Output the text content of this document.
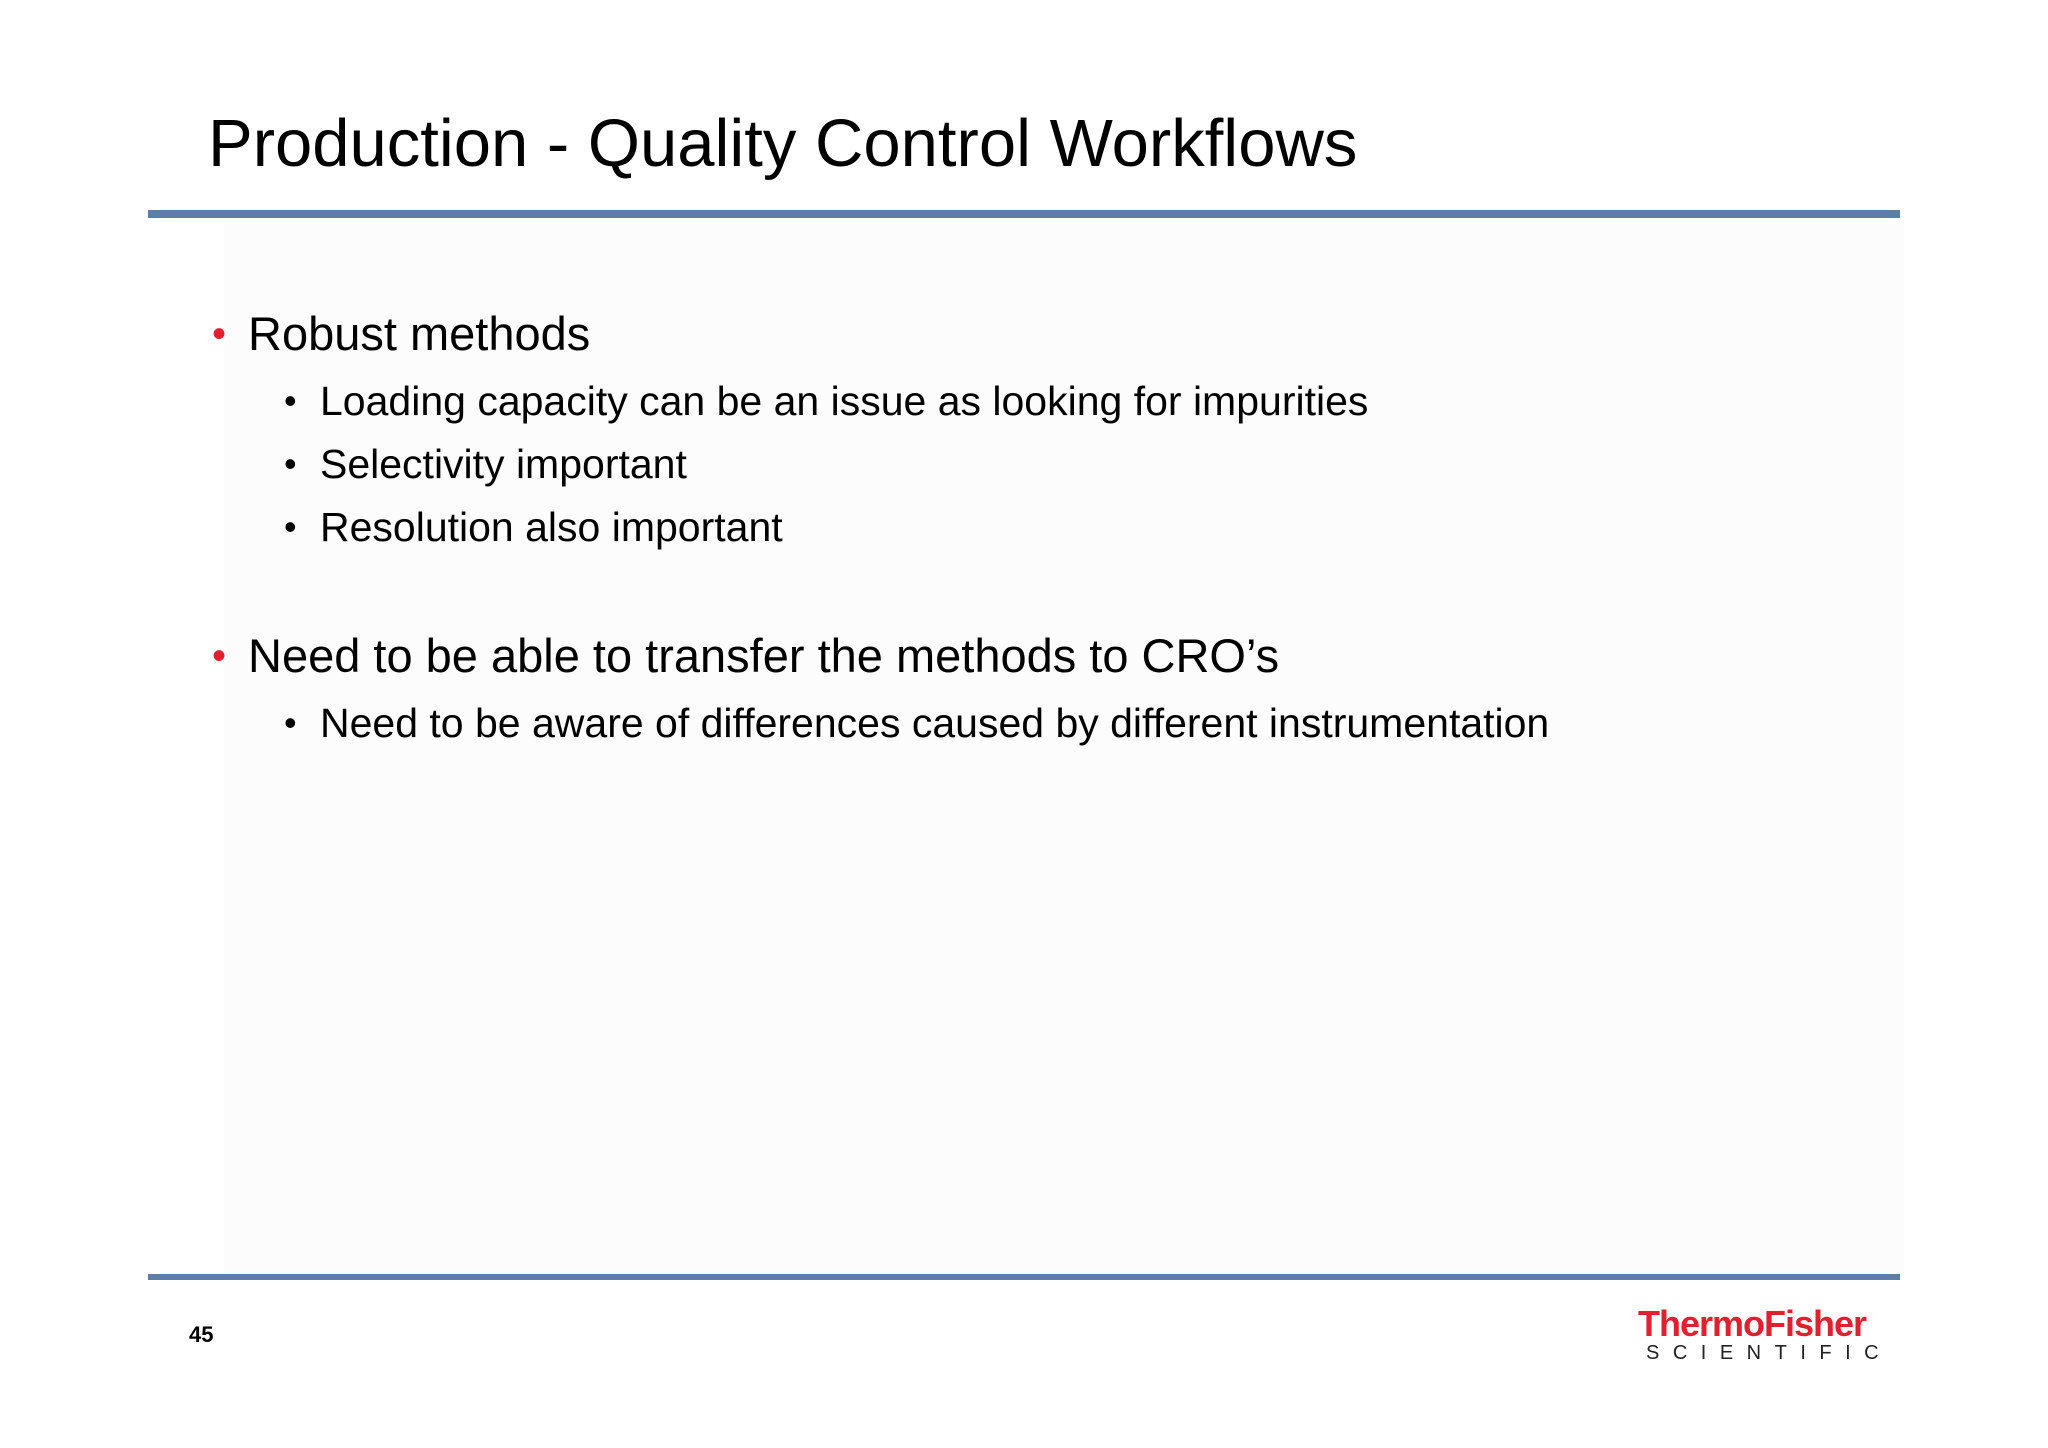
Production - Quality Control Workflows
• Robust methods
• Loading capacity can be an issue as looking for impurities
• Selectivity important
• Resolution also important
• Need to be able to transfer the methods to CRO’s
• Need to be aware of differences caused by different instrumentation
45	ThermoFisher
SCIENTIFIC
